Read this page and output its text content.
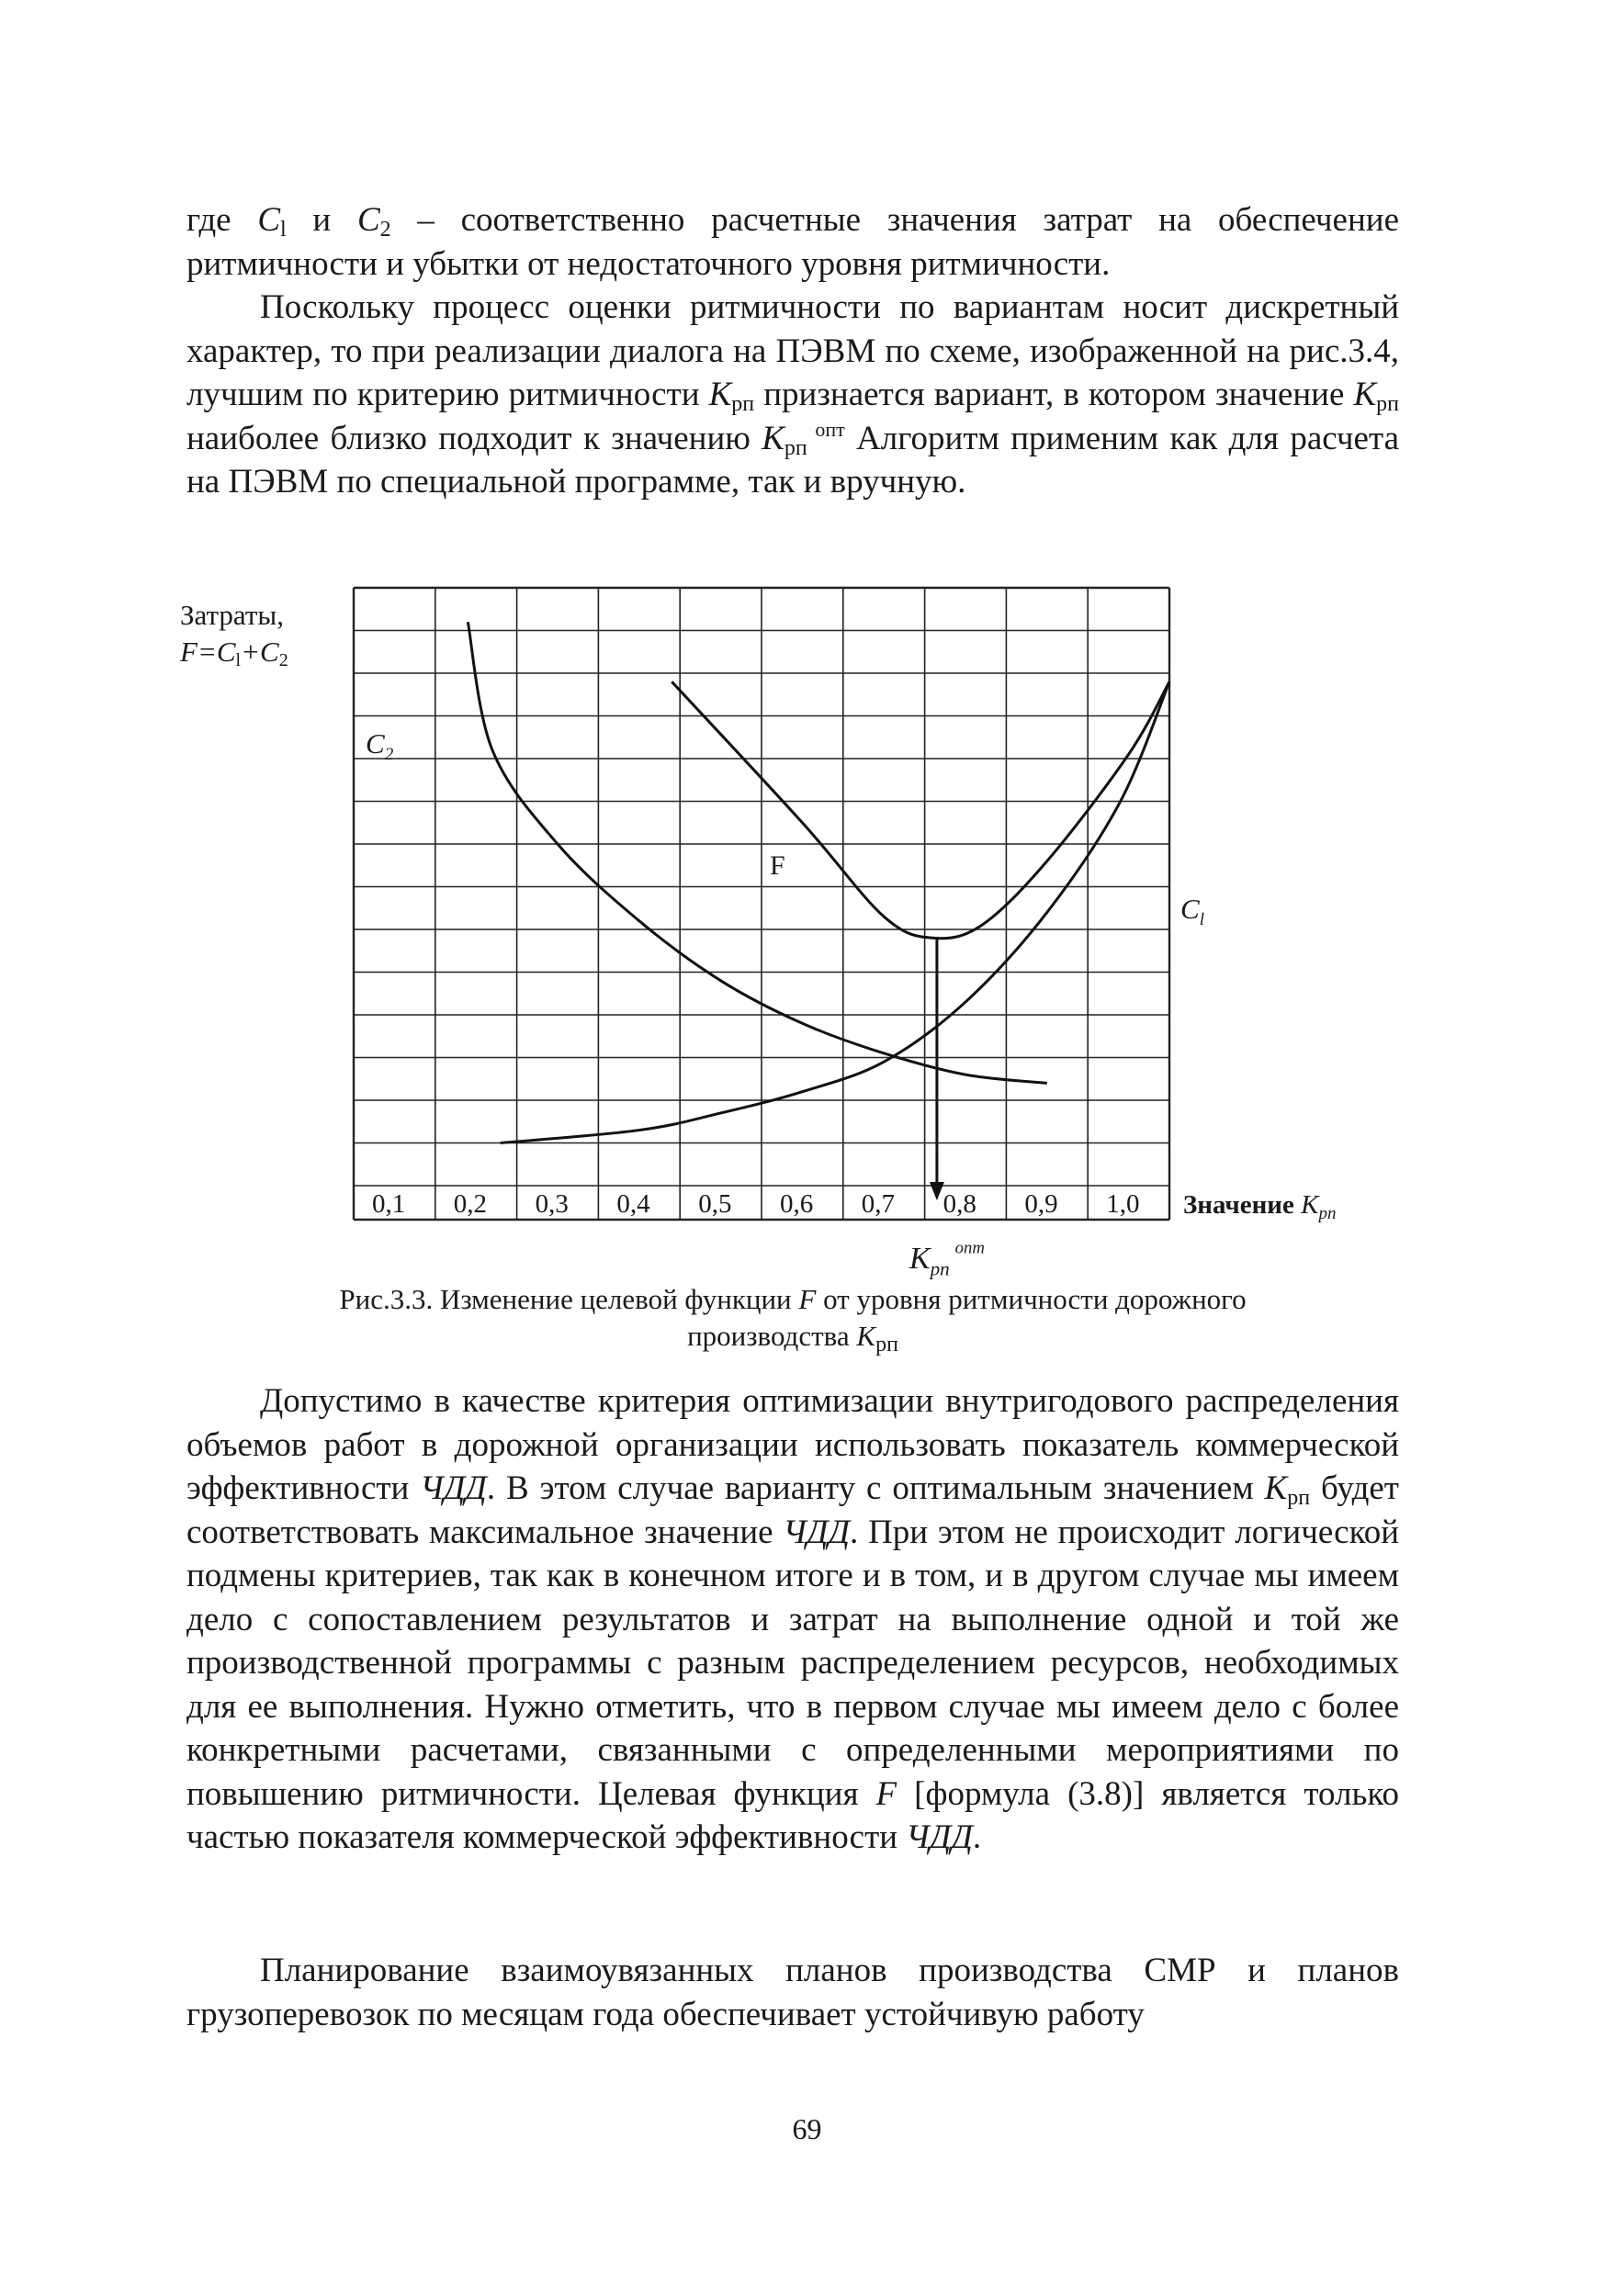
где $C_l$ и $C_2$ – соответственно расчетные значения затрат на обеспечение ритмичности и убытки от недостаточного уровня ритмичности.

Поскольку процесс оценки ритмичности по вариантам носит дискретный характер, то при реализации диалога на ПЭВМ по схеме, изображенной на рис.3.4, лучшим по критерию ритмичности $K_{рп}$ признается вариант, в котором значение $K_{рп}$ наиболее близко подходит к значению $K_{рп}$ $^{опт}$ Алгоритм применим как для расчета на ПЭВМ по специальной программе, так и вручную.

Затраты,
$F=C_l+C_2$
0,1 0,2 0,3 0,4 0,5 0,6 0,7 0,8 0,9 1,0
$C_2$
$C_l$
F
Значение $K_{рп}$
$K_{рп}^{опт}$
Рис.3.3. Изменение целевой функции F от уровня ритмичности дорожного
производства $K_{рп}$

Допустимо в качестве критерия оптимизации внутригодового распределения объемов работ в дорожной организации использовать показатель коммерческой эффективности ЧДД. В этом случае варианту с оптимальным значением $K_{рп}$ будет соответствовать максимальное значение ЧДД. При этом не происходит логической подмены критериев, так как в конечном итоге и в том, и в другом случае мы имеем дело с сопоставлением результатов и затрат на выполнение одной и той же производственной программы с разным распределением ресурсов, необходимых для ее выполнения. Нужно отметить, что в первом случае мы имеем дело с более конкретными расчетами, связанными с определенными мероприятиями по повышению ритмичности. Целевая функция F [формула (3.8)] является только частью показателя коммерческой эффективности ЧДД.

Планирование взаимоувязанных планов производства СМР и планов грузоперевозок по месяцам года обеспечивает устойчивую работу

69
